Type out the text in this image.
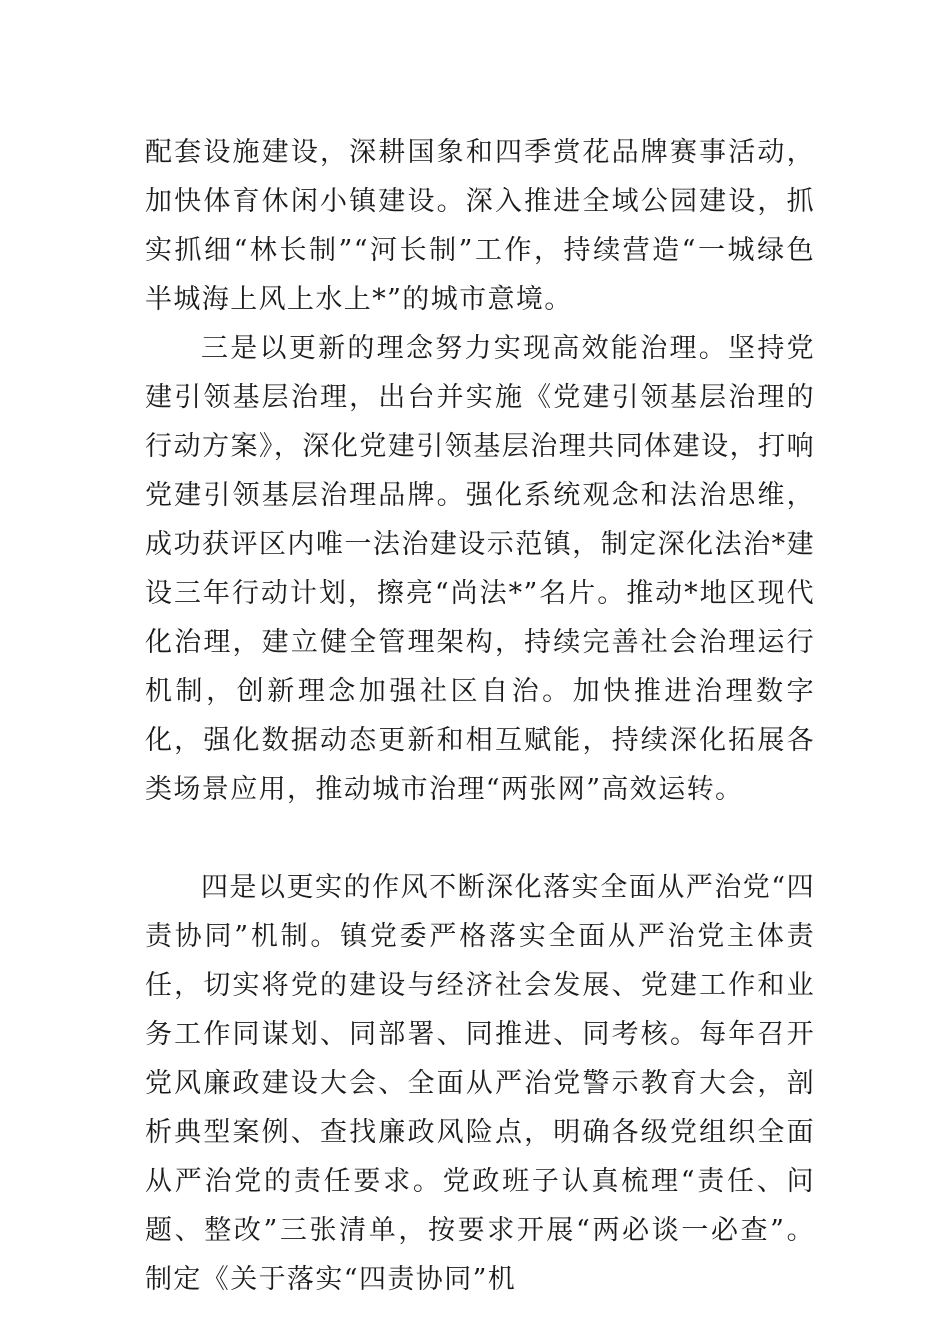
配套设施建设，深耕国象和四季赏花品牌赛事活动，加快体育休闲小镇建设。深入推进全域公园建设，抓实抓细“林长制”“河长制”工作，持续营造“一城绿色半城海上风上水上*”的城市意境。

三是以更新的理念努力实现高效能治理。坚持党建引领基层治理，出台并实施《党建引领基层治理的行动方案》，深化党建引领基层治理共同体建设，打响党建引领基层治理品牌。强化系统观念和法治思维，成功获评区内唯一法治建设示范镇，制定深化法治*建设三年行动计划，擦亮“尚法*”名片。推动*地区现代化治理，建立健全管理架构，持续完善社会治理运行机制，创新理念加强社区自治。加快推进治理数字化，强化数据动态更新和相互赋能，持续深化拓展各类场景应用，推动城市治理“两张网”高效运转。

四是以更实的作风不断深化落实全面从严治党“四责协同”机制。镇党委严格落实全面从严治党主体责任，切实将党的建设与经济社会发展、党建工作和业务工作同谋划、同部署、同推进、同考核。每年召开党风廉政建设大会、全面从严治党警示教育大会，剖析典型案例、查找廉政风险点，明确各级党组织全面从严治党的责任要求。党政班子认真梳理“责任、问题、整改”三张清单，按要求开展“两必谈一必查”。制定《关于落实“四责协同”机
